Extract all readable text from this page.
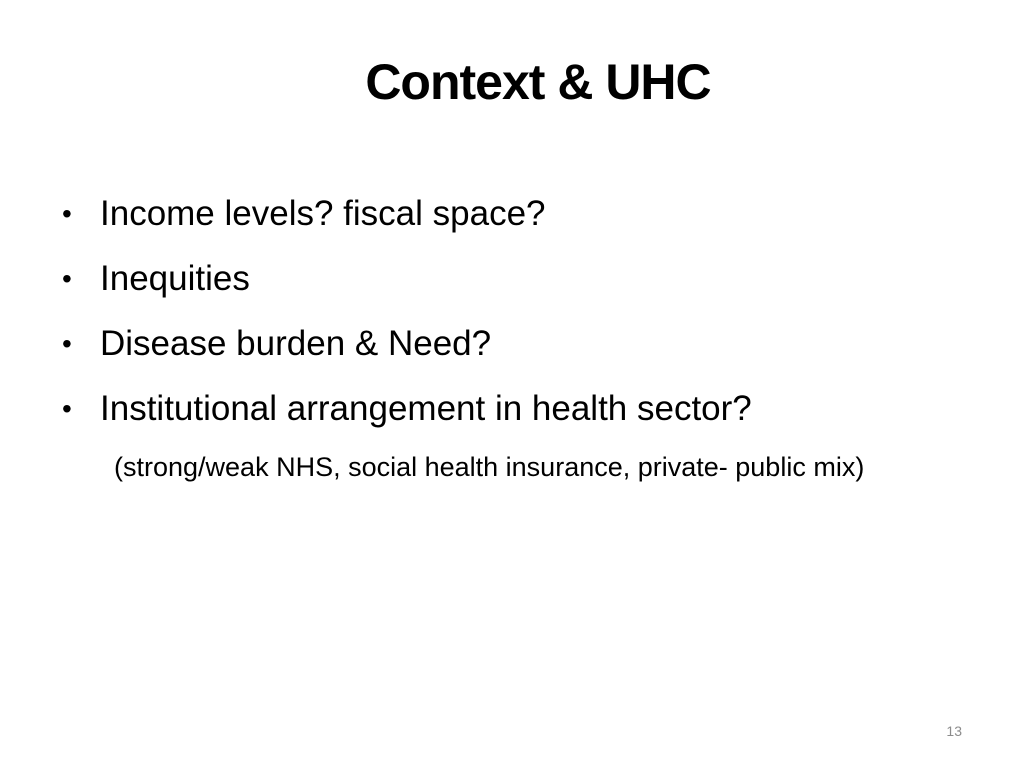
Context & UHC
• Income levels? fiscal space?
• Inequities
• Disease burden & Need?
• Institutional arrangement in health sector?

(strong/weak NHS, social health insurance, private- public mix)

13
